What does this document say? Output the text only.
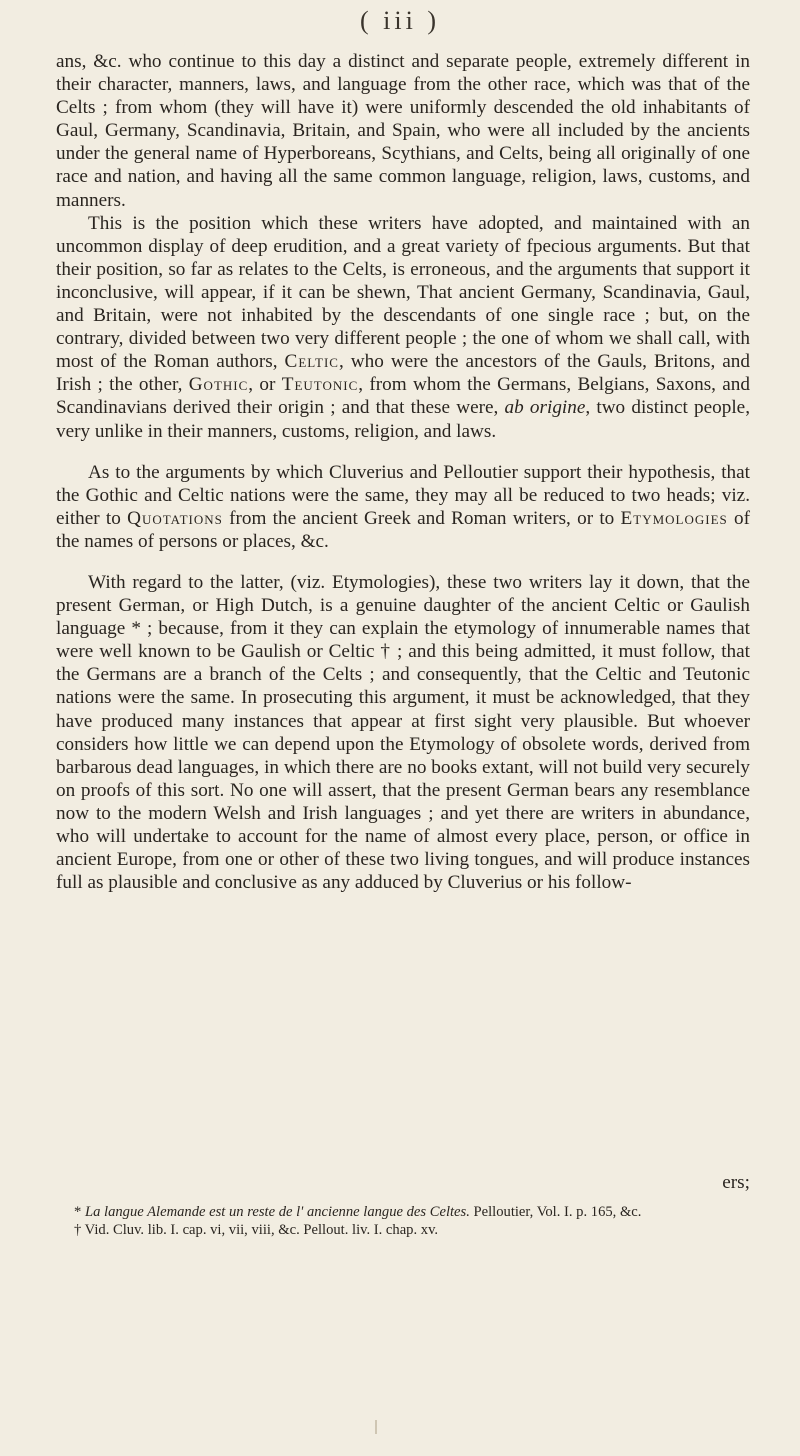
( iii )

ans, &c. who continue to this day a distinct and separate people, extremely different in their character, manners, laws, and language from the other race, which was that of the Celts ; from whom (they will have it) were uniformly descended the old inhabitants of Gaul, Germany, Scandinavia, Britain, and Spain, who were all included by the ancients under the general name of Hyperboreans, Scythians, and Celts, being all originally of one race and nation, and having all the same common language, religion, laws, customs, and manners.

This is the position which these writers have adopted, and maintained with an uncommon display of deep erudition, and a great variety of fpecious arguments. But that their position, so far as relates to the Celts, is erroneous, and the arguments that support it inconclusive, will appear, if it can be shewn, That ancient Germany, Scandinavia, Gaul, and Britain, were not inhabited by the descendants of one single race ; but, on the contrary, divided between two very different people ; the one of whom we shall call, with most of the Roman authors, Celtic, who were the ancestors of the Gauls, Britons, and Irish ; the other, Gothic, or Teutonic, from whom the Germans, Belgians, Saxons, and Scandinavians derived their origin ; and that these were, ab origine, two distinct people, very unlike in their manners, customs, religion, and laws.

As to the arguments by which Cluverius and Pelloutier support their hypothesis, that the Gothic and Celtic nations were the same, they may all be reduced to two heads; viz. either to Quotations from the ancient Greek and Roman writers, or to Etymologies of the names of persons or places, &c.

With regard to the latter, (viz. Etymologies), these two writers lay it down, that the present German, or High Dutch, is a genuine daughter of the ancient Celtic or Gaulish language * ; because, from it they can explain the etymology of innumerable names that were well known to be Gaulish or Celtic † ; and this being admitted, it must follow, that the Germans are a branch of the Celts ; and consequently, that the Celtic and Teutonic nations were the same. In prosecuting this argument, it must be acknowledged, that they have produced many instances that appear at first sight very plausible. But whoever considers how little we can depend upon the Etymology of obsolete words, derived from barbarous dead languages, in which there are no books extant, will not build very securely on proofs of this sort. No one will assert, that the present German bears any resemblance now to the modern Welsh and Irish languages ; and yet there are writers in abundance, who will undertake to account for the name of almost every place, person, or office in ancient Europe, from one or other of these two living tongues, and will produce instances full as plausible and conclusive as any adduced by Cluverius or his follow-

ers;

* La langue Alemande est un reste de l' ancienne langue des Celtes. Pelloutier, Vol. I. p. 165, &c.

† Vid. Cluv. lib. I. cap. vi, vii, viii, &c. Pellout. liv. I. chap. xv.
